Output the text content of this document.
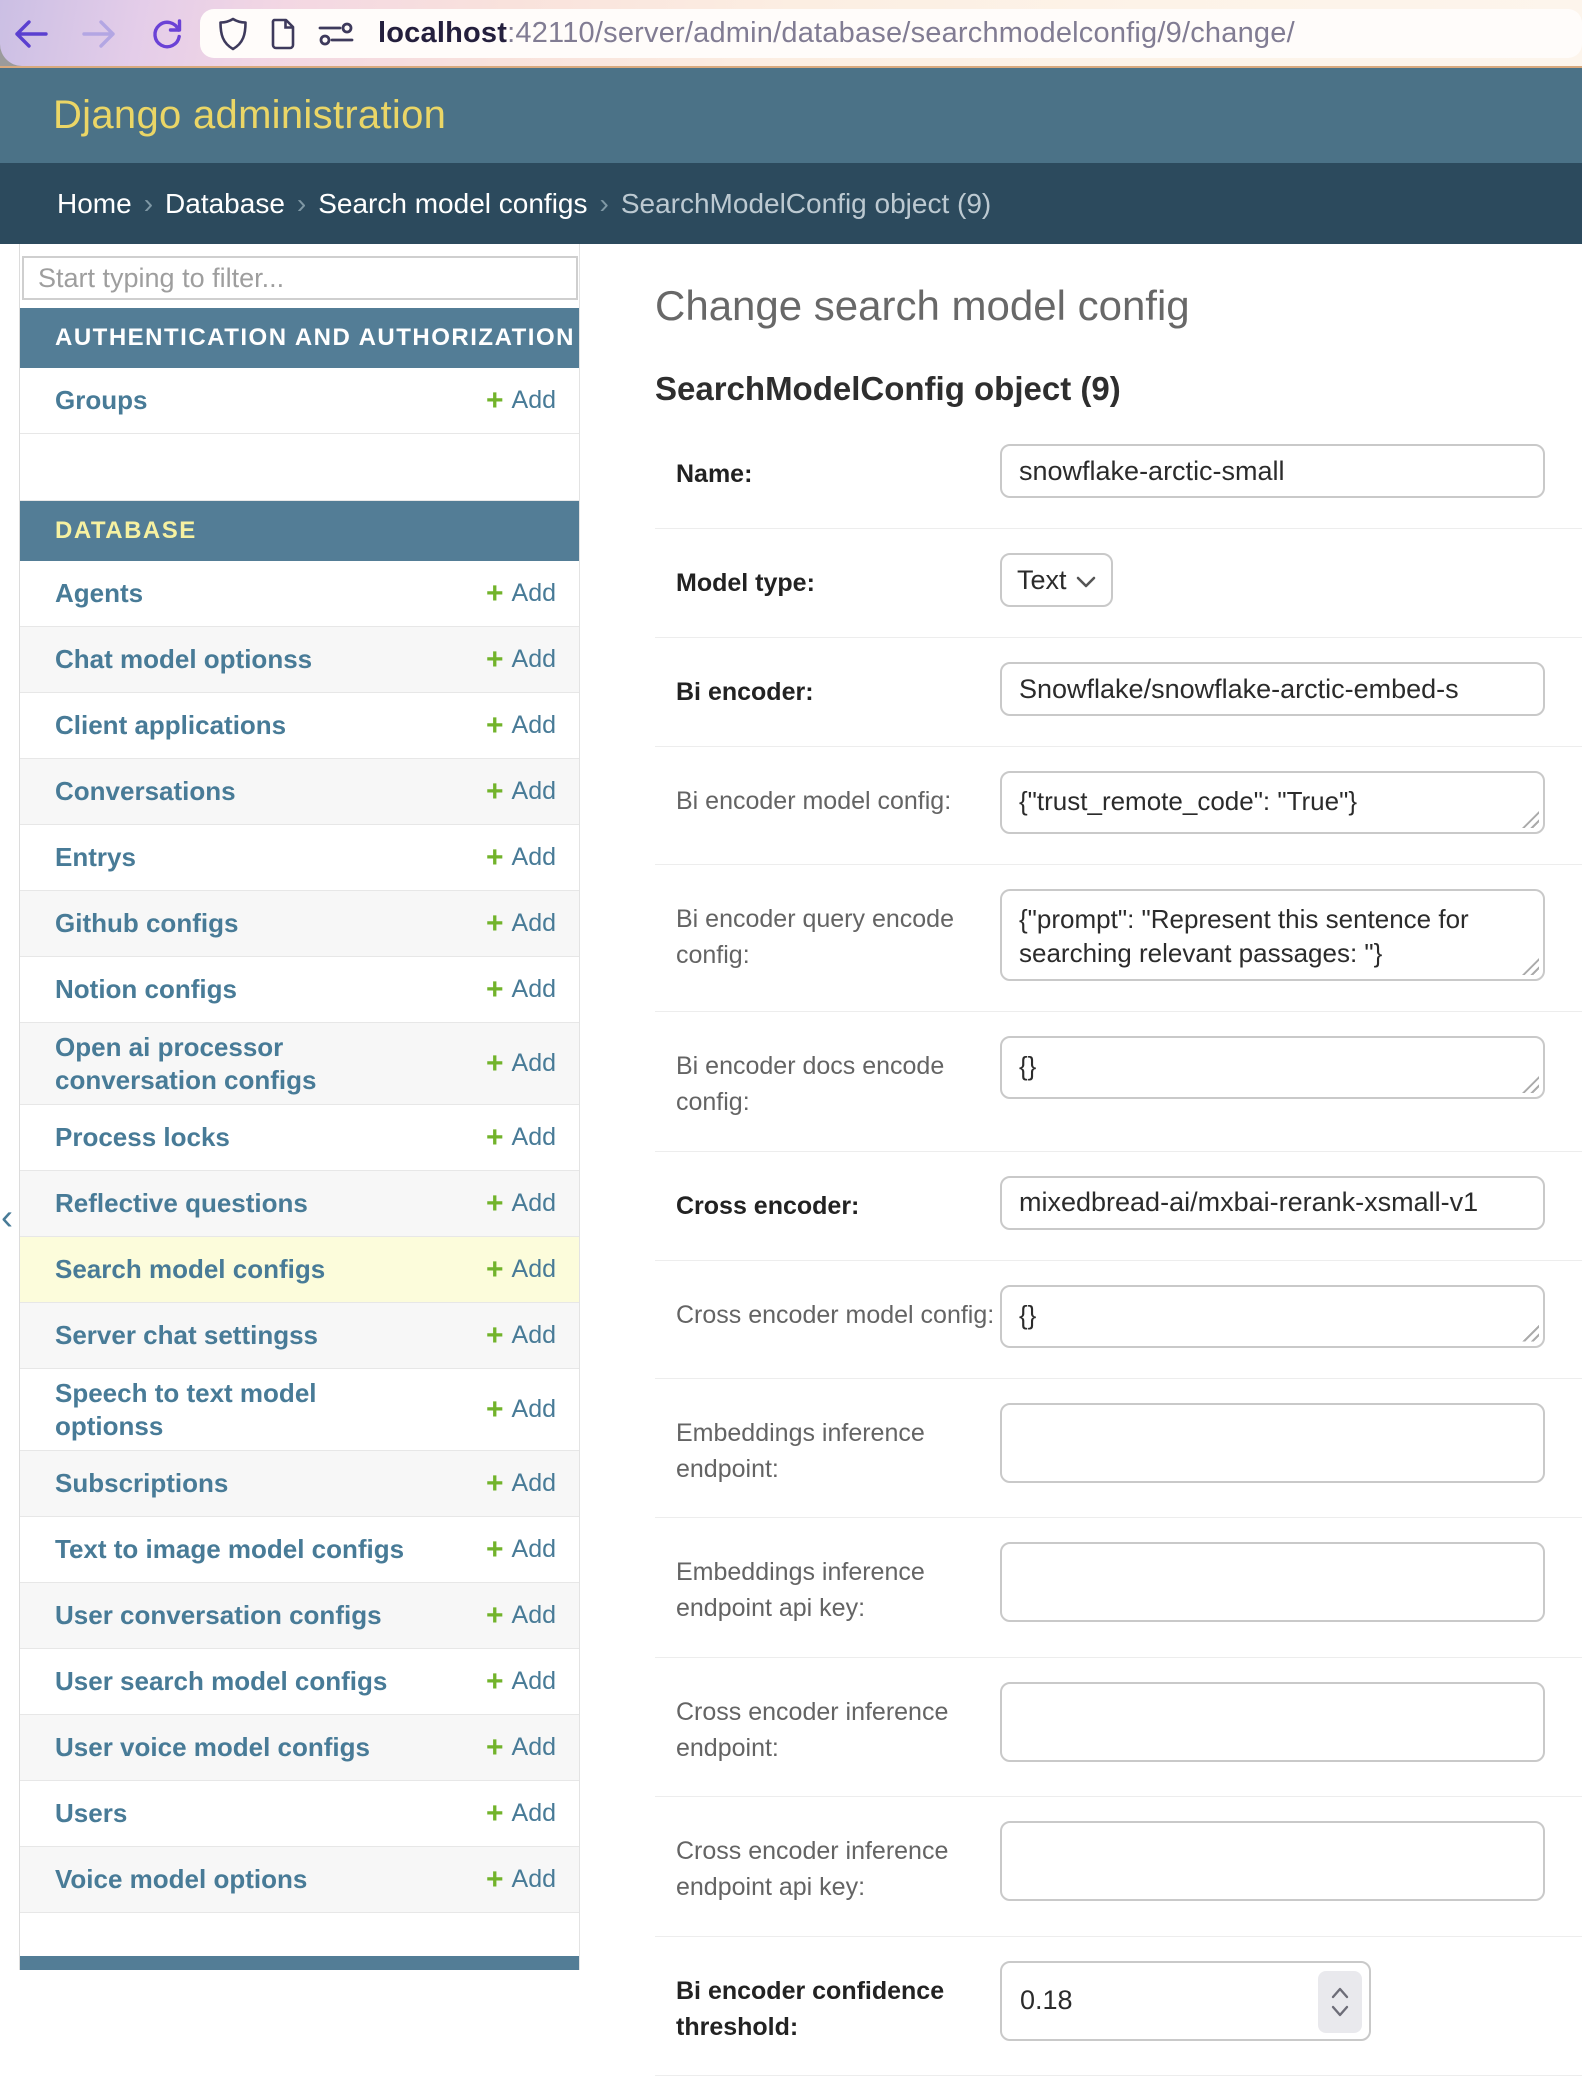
localhost:42110/server/admin/database/searchmodelconfig/9/change/
Django administration
Home › Database › Search model configs › SearchModelConfig object (9)
‹
Start typing to filter...
AUTHENTICATION AND AUTHORIZATION
Groups	+ Add
DATABASE
Agents	+ Add
Chat model optionss	+ Add
Client applications	+ Add
Conversations	+ Add
Entrys	+ Add
Github configs	+ Add
Notion configs	+ Add
Open ai processor conversation configs	+ Add
Process locks	+ Add
Reflective questions	+ Add
Search model configs	+ Add
Server chat settingss	+ Add
Speech to text model optionss	+ Add
Subscriptions	+ Add
Text to image model configs	+ Add
User conversation configs	+ Add
User search model configs	+ Add
User voice model configs	+ Add
Users	+ Add
Voice model options	+ Add
Change search model config
SearchModelConfig object (9)
Name:	snowflake-arctic-small
Model type:	Text
Bi encoder:	Snowflake/snowflake-arctic-embed-s
Bi encoder model config:	{"trust_remote_code": "True"}
Bi encoder query encode config:
{"prompt": "Represent this sentence for searching relevant passages: "}
Bi encoder docs encode config:
{}
Cross encoder:	mixedbread-ai/mxbai-rerank-xsmall-v1
Cross encoder model config: {}
Embeddings inference endpoint:
Embeddings inference endpoint api key:
Cross encoder inference endpoint:
Cross encoder inference endpoint api key:
Bi encoder confidence threshold:
0.18
